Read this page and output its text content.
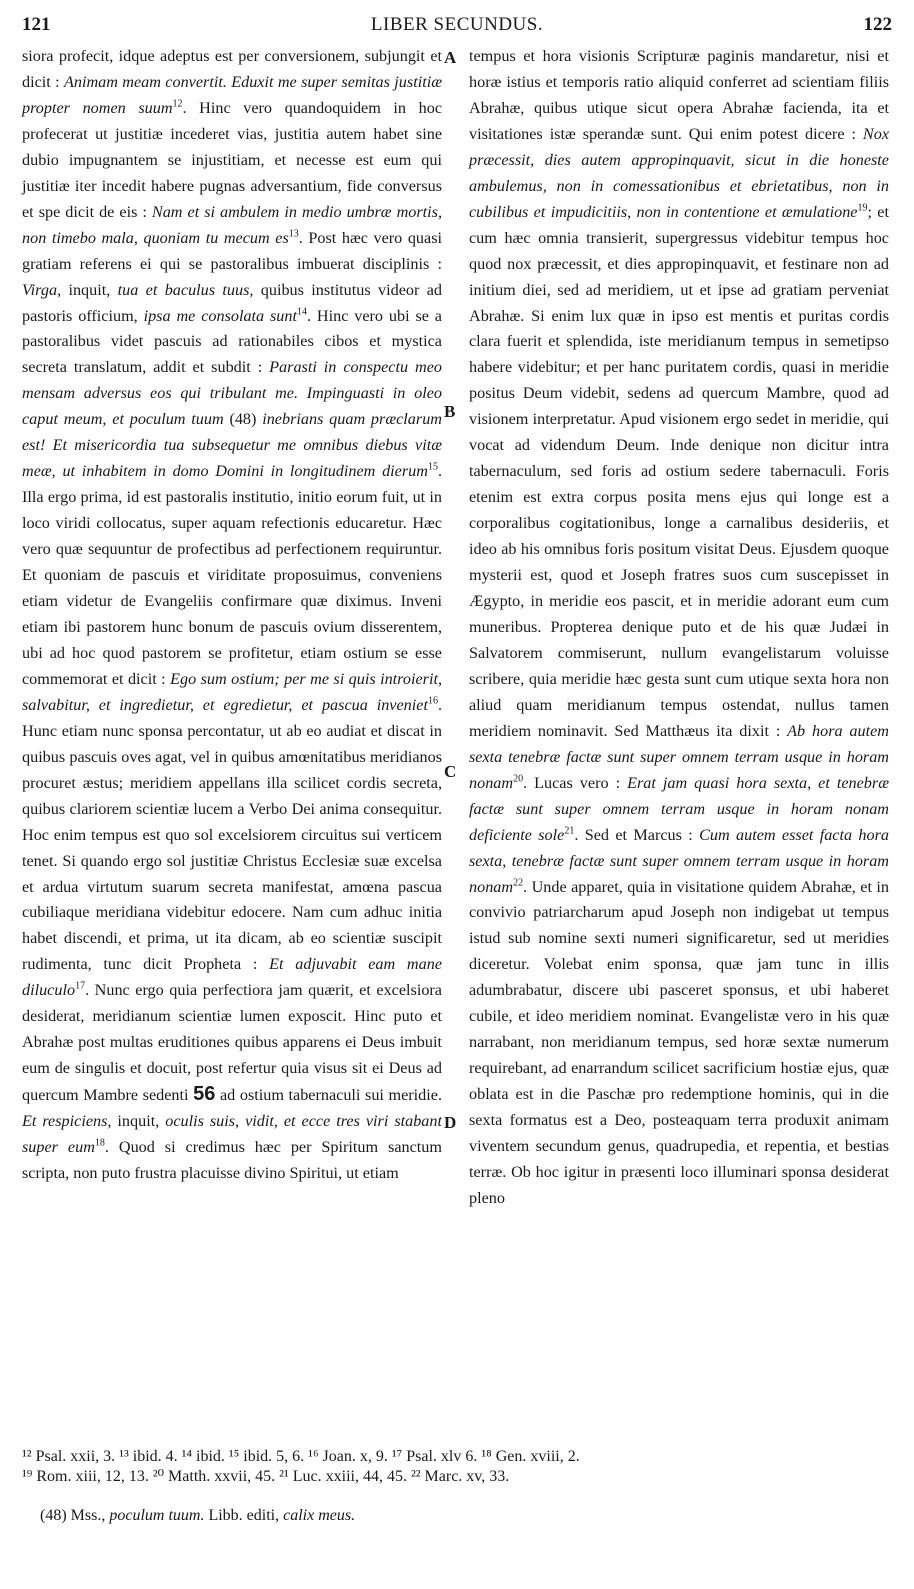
121	LIBER SECUNDUS.	122
A
B
C
D

siora profecit, idque adeptus est per conversionem, subjungit et dicit : Animam meam convertit. Eduxit me super semitas justitiæ propter nomen suum$^{12}$. Hinc vero quandoquidem in hoc profecerat ut justitiæ incederet vias, justitia autem habet sine dubio impugnantem se injustitiam, et necesse est eum qui justitiæ iter incedit habere pugnas adversantium, fide conversus et spe dicit de eis : Nam et si ambulem in medio umbræ mortis, non timebo mala, quoniam tu mecum $es^{13}$. Post hæc vero quasi gratiam referens ei qui se pastoralibus imbuerat disciplinis : Virga, inquit, tua et baculus tuus, quibus institutus videor ad pastoris officium, ipsa me consolata sunt$^{14}$. Hinc vero ubi se a pastoralibus videt pascuis ad rationabiles cibos et mystica secreta translatum, addit et subdit : Parasti in conspectu meo mensam adversus eos qui tribulant me. Impinguasti in oleo caput meum, et poculum tuum (48) inebrians quam præclarum est! Et misericordia tua subsequetur me omnibus diebus vitæ meæ, ut inhabitem in domo Domini in longitudinem dierum$^{15}$. Illa ergo prima, id est pastoralis institutio, initio eorum fuit, ut in loco viridi collocatus, super aquam refectionis educaretur. Hæc vero quæ sequuntur de profectibus ad perfectionem requiruntur. Et quoniam de pascuis et viriditate proposuimus, conveniens etiam videtur de Evangeliis confirmare quæ diximus. Inveni etiam ibi pastorem hunc bonum de pascuis ovium disserentem, ubi ad hoc quod pastorem se profitetur, etiam ostium se esse commemorat et dicit : Ego sum ostium; per me si quis introierit, salvabitur, et ingredietur, et egredietur, et pascua inveniet$^{16}$. Hunc etiam nunc sponsa percontatur, ut ab eo audiat et discat in quibus pascuis oves agat, vel in quibus amœnitatibus meridianos procuret æstus; meridiem appellans illa scilicet cordis secreta, quibus clariorem scientiæ lucem a Verbo Dei anima consequitur. Hoc enim tempus est quo sol excelsiorem circuitus sui verticem tenet. Si quando ergo sol justitiæ Christus Ecclesiæ suæ excelsa et ardua virtutum suarum secreta manifestat, amœna pascua cubiliaque meridiana videbitur edocere. Nam cum adhuc initia habet discendi, et prima, ut ita dicam, ab eo scientiæ suscipit rudimenta, tunc dicit Propheta : Et adjuvabit eam mane diluculo$^{17}$. Nunc ergo quia perfectiora jam quærit, et excelsiora desiderat, meridianum scientiæ lumen exposcit. Hinc puto et Abrahæ post multas eruditiones quibus apparens ei Deus imbuit eum de singulis et docuit, post refertur quia visus sit ei Deus ad quercum Mambre sedenti 56 ad ostium tabernaculi sui meridie. Et respiciens, inquit, oculis suis, vidit, et ecce tres viri stabant super eum$^{18}$. Quod si credimus hæc per Spiritum sanctum scripta, non puto frustra placuisse divino Spiritui, ut etiam

tempus et hora visionis Scripturæ paginis mandaretur, nisi et horæ istius et temporis ratio aliquid conferret ad scientiam filiis Abrahæ, quibus utique sicut opera Abrahæ facienda, ita et visitationes istæ sperandæ sunt. Qui enim potest dicere : Nox præcessit, dies autem appropinquavit, sicut in die honeste ambulemus, non in comessationibus et ebrietatibus, non in cubilibus et impudicitiis, non in contentione et æmulatione$^{19}$; et cum hæc omnia transierit, supergressus videbitur tempus hoc quod nox præcessit, et dies appropinquavit, et festinare non ad initium diei, sed ad meridiem, ut et ipse ad gratiam perveniat Abrahæ. Si enim lux quæ in ipso est mentis et puritas cordis clara fuerit et splendida, iste meridianum tempus in semetipso habere videbitur; et per hanc puritatem cordis, quasi in meridie positus Deum videbit, sedens ad quercum Mambre, quod ad visionem interpretatur. Apud visionem ergo sedet in meridie, qui vocat ad videndum Deum. Inde denique non dicitur intra tabernaculum, sed foris ad ostium sedere tabernaculi. Foris etenim est extra corpus posita mens ejus qui longe est a corporalibus cogitationibus, longe a carnalibus desideriis, et ideo ab his omnibus foris positum visitat Deus. Ejusdem quoque mysterii est, quod et Joseph fratres suos cum suscepisset in Ægypto, in meridie eos pascit, et in meridie adorant eum cum muneribus. Propterea denique puto et de his quæ Judæi in Salvatorem commiserunt, nullum evangelistarum voluisse scribere, quia meridie hæc gesta sunt cum utique sexta hora non aliud quam meridianum tempus ostendat, nullus tamen meridiem nominavit. Sed Matthæus ita dixit : Ab hora autem sexta tenebræ factæ sunt super omnem terram usque in horam nonam$^{20}$. Lucas vero : Erat jam quasi hora sexta, et tenebræ factæ sunt super omnem terram usque in horam nonam deficiente sole$^{21}$. Sed et Marcus : Cum autem esset facta hora sexta, tenebræ factæ sunt super omnem terram usque in horam nonam$^{22}$. Unde apparet, quia in visitatione quidem Abrahæ, et in convivio patriarcharum apud Joseph non indigebat ut tempus istud sub nomine sexti numeri significaretur, sed ut meridies diceretur. Volebat enim sponsa, quæ jam tunc in illis adumbrabatur, discere ubi pasceret sponsus, et ubi haberet cubile, et ideo meridiem nominat. Evangelistæ vero in his quæ narrabant, non meridianum tempus, sed horæ sextæ numerum requirebant, ad enarrandum scilicet sacrificium hostiæ ejus, quæ oblata est in die Paschæ pro redemptione hominis, qui in die sexta formatus est a Deo, posteaquam terra produxit animam viventem secundum genus, quadrupedia, et repentia, et bestias terræ. Ob hoc igitur in præsenti loco illuminari sponsa desiderat pleno

¹² Psal. xxii, 3. ¹³ ibid. 4. ¹⁴ ibid. ¹⁵ ibid. 5, 6. ¹⁶ Joan. x, 9. ¹⁷ Psal. xlv 6. ¹⁸ Gen. xviii, 2.
¹⁹ Rom. xiii, 12, 13. ²⁰ Matth. xxvii, 45. ²¹ Luc. xxiii, 44, 45. ²² Marc. xv, 33.
(48) Mss., poculum tuum. Libb. editi, calix meus.
